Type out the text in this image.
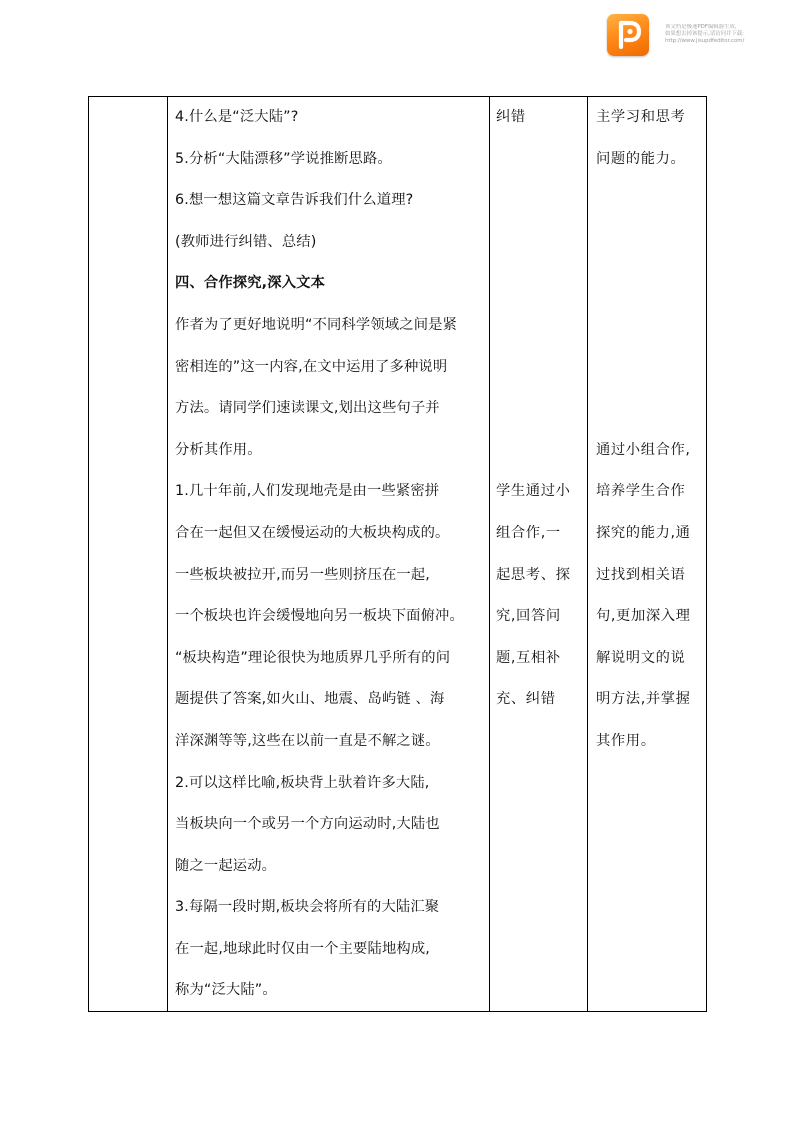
该文档是极速PDF编辑器生成,
如果想去掉该提示,请访问并下载:
http://www.jisupdfeditor.com/
4.什么是“泛大陆”?
5.分析“大陆漂移”学说推断思路。
6.想一想这篇文章告诉我们什么道理?
(教师进行纠错、总结)
四、合作探究,深入文本
作者为了更好地说明“不同科学领域之间是紧
密相连的”这一内容,在文中运用了多种说明
方法。请同学们速读课文,划出这些句子并
分析其作用。
1.几十年前,人们发现地壳是由一些紧密拼
合在一起但又在缓慢运动的大板块构成的。
一些板块被拉开,而另一些则挤压在一起,
一个板块也许会缓慢地向另一板块下面俯冲。
“板块构造”理论很快为地质界几乎所有的问
题提供了答案,如火山、地震、岛屿链 、海
洋深渊等等,这些在以前一直是不解之谜。
2.可以这样比喻,板块背上驮着许多大陆,
当板块向一个或另一个方向运动时,大陆也
随之一起运动。
3.每隔一段时期,板块会将所有的大陆汇聚
在一起,地球此时仅由一个主要陆地构成,
称为“泛大陆”。
纠错
学生通过小
组合作,一
起思考、探
究,回答问
题,互相补
充、纠错
主学习和思考
问题的能力。
通过小组合作,
培养学生合作
探究的能力,通
过找到相关语
句,更加深入理
解说明文的说
明方法,并掌握
其作用。
